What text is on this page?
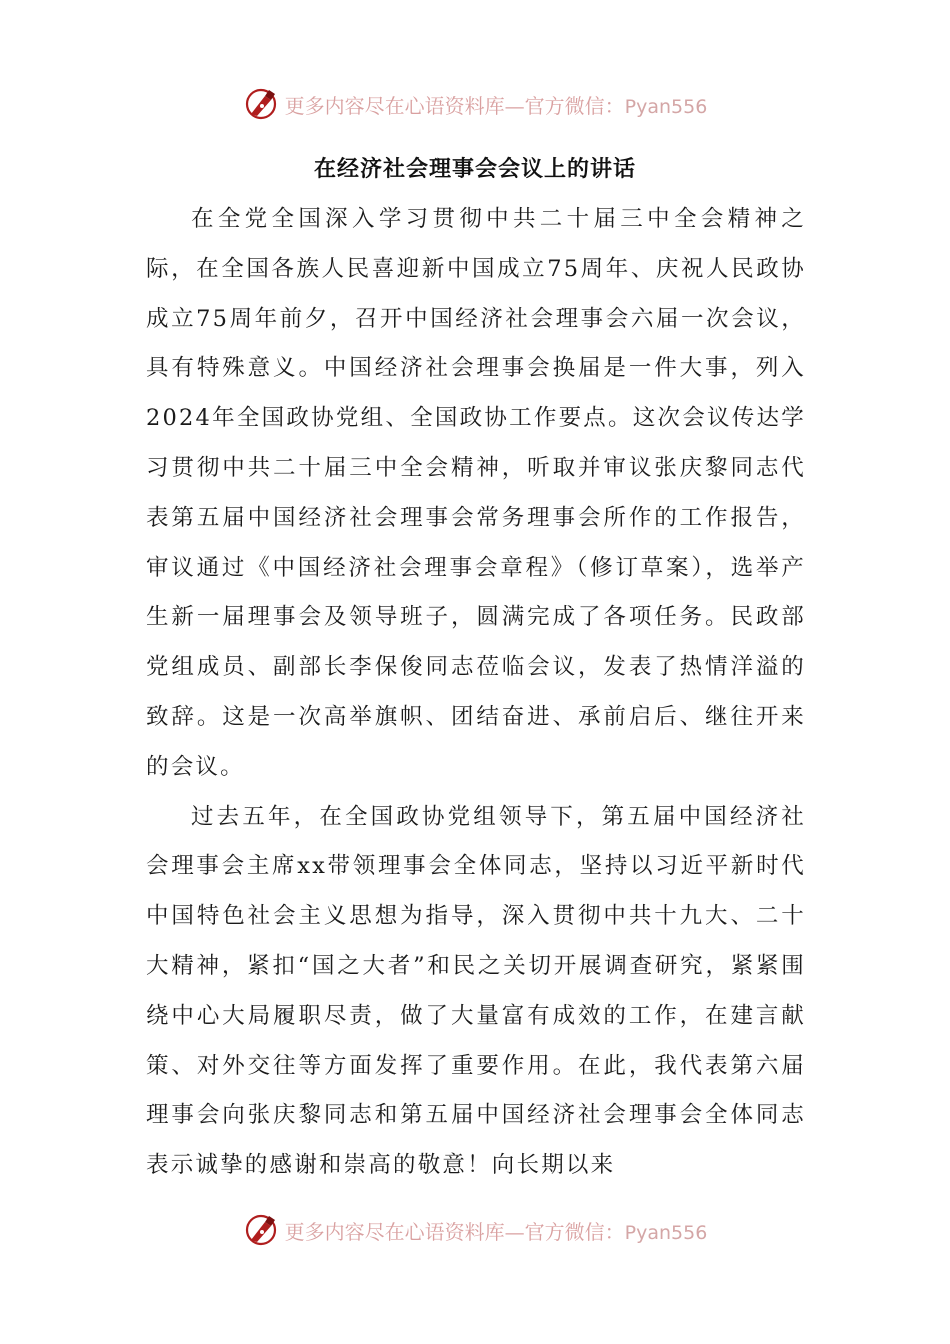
更多内容尽在心语资料库—官方微信：Pyan556
在经济社会理事会会议上的讲话

在全党全国深入学习贯彻中共二十届三中全会精神之际，在全国各族人民喜迎新中国成立75周年、庆祝人民政协成立75周年前夕，召开中国经济社会理事会六届一次会议，具有特殊意义。中国经济社会理事会换届是一件大事，列入2024年全国政协党组、全国政协工作要点。这次会议传达学习贯彻中共二十届三中全会精神，听取并审议张庆黎同志代表第五届中国经济社会理事会常务理事会所作的工作报告，审议通过《中国经济社会理事会章程》（修订草案），选举产生新一届理事会及领导班子，圆满完成了各项任务。民政部党组成员、副部长李保俊同志莅临会议，发表了热情洋溢的致辞。这是一次高举旗帜、团结奋进、承前启后、继往开来的会议。

过去五年，在全国政协党组领导下，第五届中国经济社会理事会主席xx带领理事会全体同志，坚持以习近平新时代中国特色社会主义思想为指导，深入贯彻中共十九大、二十大精神，紧扣“国之大者”和民之关切开展调查研究，紧紧围绕中心大局履职尽责，做了大量富有成效的工作，在建言献策、对外交往等方面发挥了重要作用。在此，我代表第六届理事会向张庆黎同志和第五届中国经济社会理事会全体同志表示诚挚的感谢和崇高的敬意！向长期以来

更多内容尽在心语资料库—官方微信：Pyan556
